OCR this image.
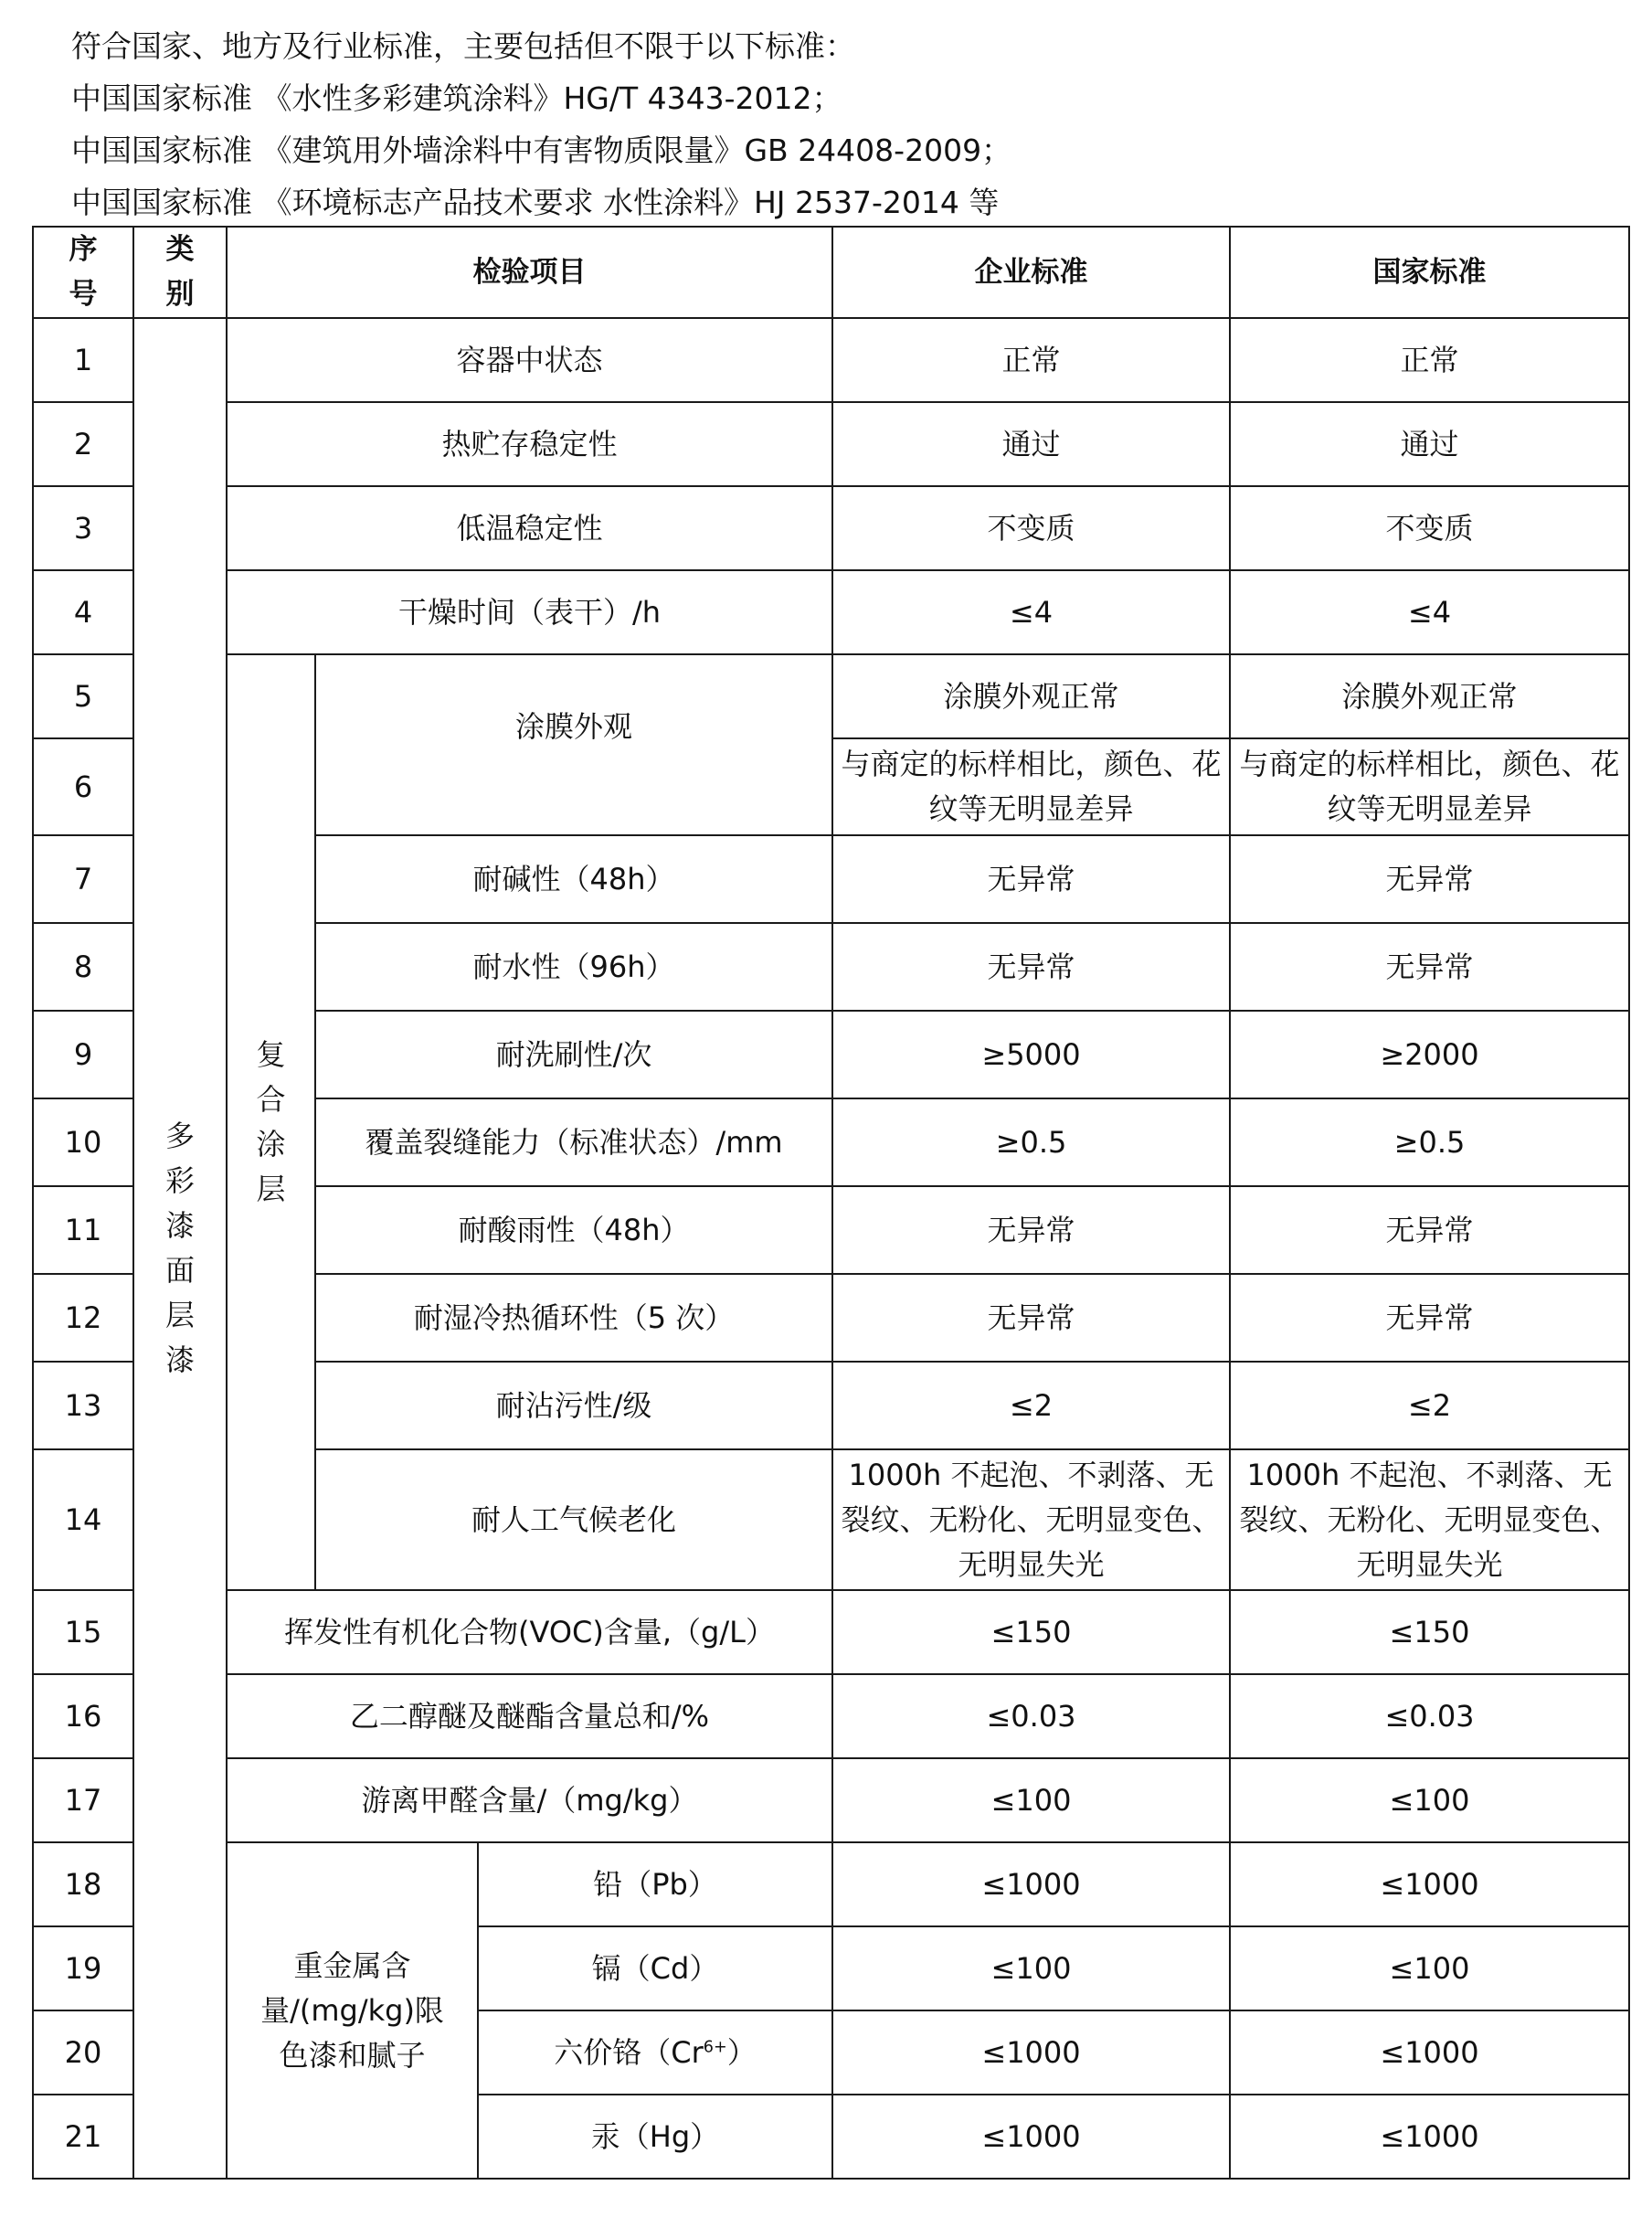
符合国家、地方及行业标准，主要包括但不限于以下标准：
中国国家标准 《水性多彩建筑涂料》HG/T 4343-2012；
中国国家标准 《建筑用外墙涂料中有害物质限量》GB 24408-2009；
中国国家标准 《环境标志产品技术要求 水性涂料》HJ 2537-2014 等
序号	类别	检验项目			企业标准	国家标准
1	多彩漆面层漆	容器中状态			正常	正常
2		热贮存稳定性			通过	通过
3		低温稳定性			不变质	不变质
4		干燥时间（表干）/h			≤4	≤4
5		复合涂层	涂膜外观		涂膜外观正常	涂膜外观正常
6					与商定的标样相比，颜色、花纹等无明显差异	与商定的标样相比，颜色、花纹等无明显差异
7			耐碱性（48h）		无异常	无异常
8			耐水性（96h）		无异常	无异常
9			耐洗刷性/次		≥5000	≥2000
10			覆盖裂缝能力（标准状态）/mm		≥0.5	≥0.5
11			耐酸雨性（48h）		无异常	无异常
12			耐湿冷热循环性（5 次）		无异常	无异常
13			耐沾污性/级		≤2	≤2
14			耐人工气候老化		1000h 不起泡、不剥落、无裂纹、无粉化、无明显变色、无明显失光	1000h 不起泡、不剥落、无裂纹、无粉化、无明显变色、无明显失光
15		挥发性有机化合物(VOC)含量,（g/L）			≤150	≤150
16		乙二醇醚及醚酯含量总和/%			≤0.03	≤0.03
17		游离甲醛含量/（mg/kg）			≤100	≤100
18		重金属含量/(mg/kg)限色漆和腻子		铅（Pb）	≤1000	≤1000
19				镉（Cd）	≤100	≤100
20				六价铬$(Cr^{6+})$	≤1000	≤1000
21				汞（Hg）	≤1000	≤1000
